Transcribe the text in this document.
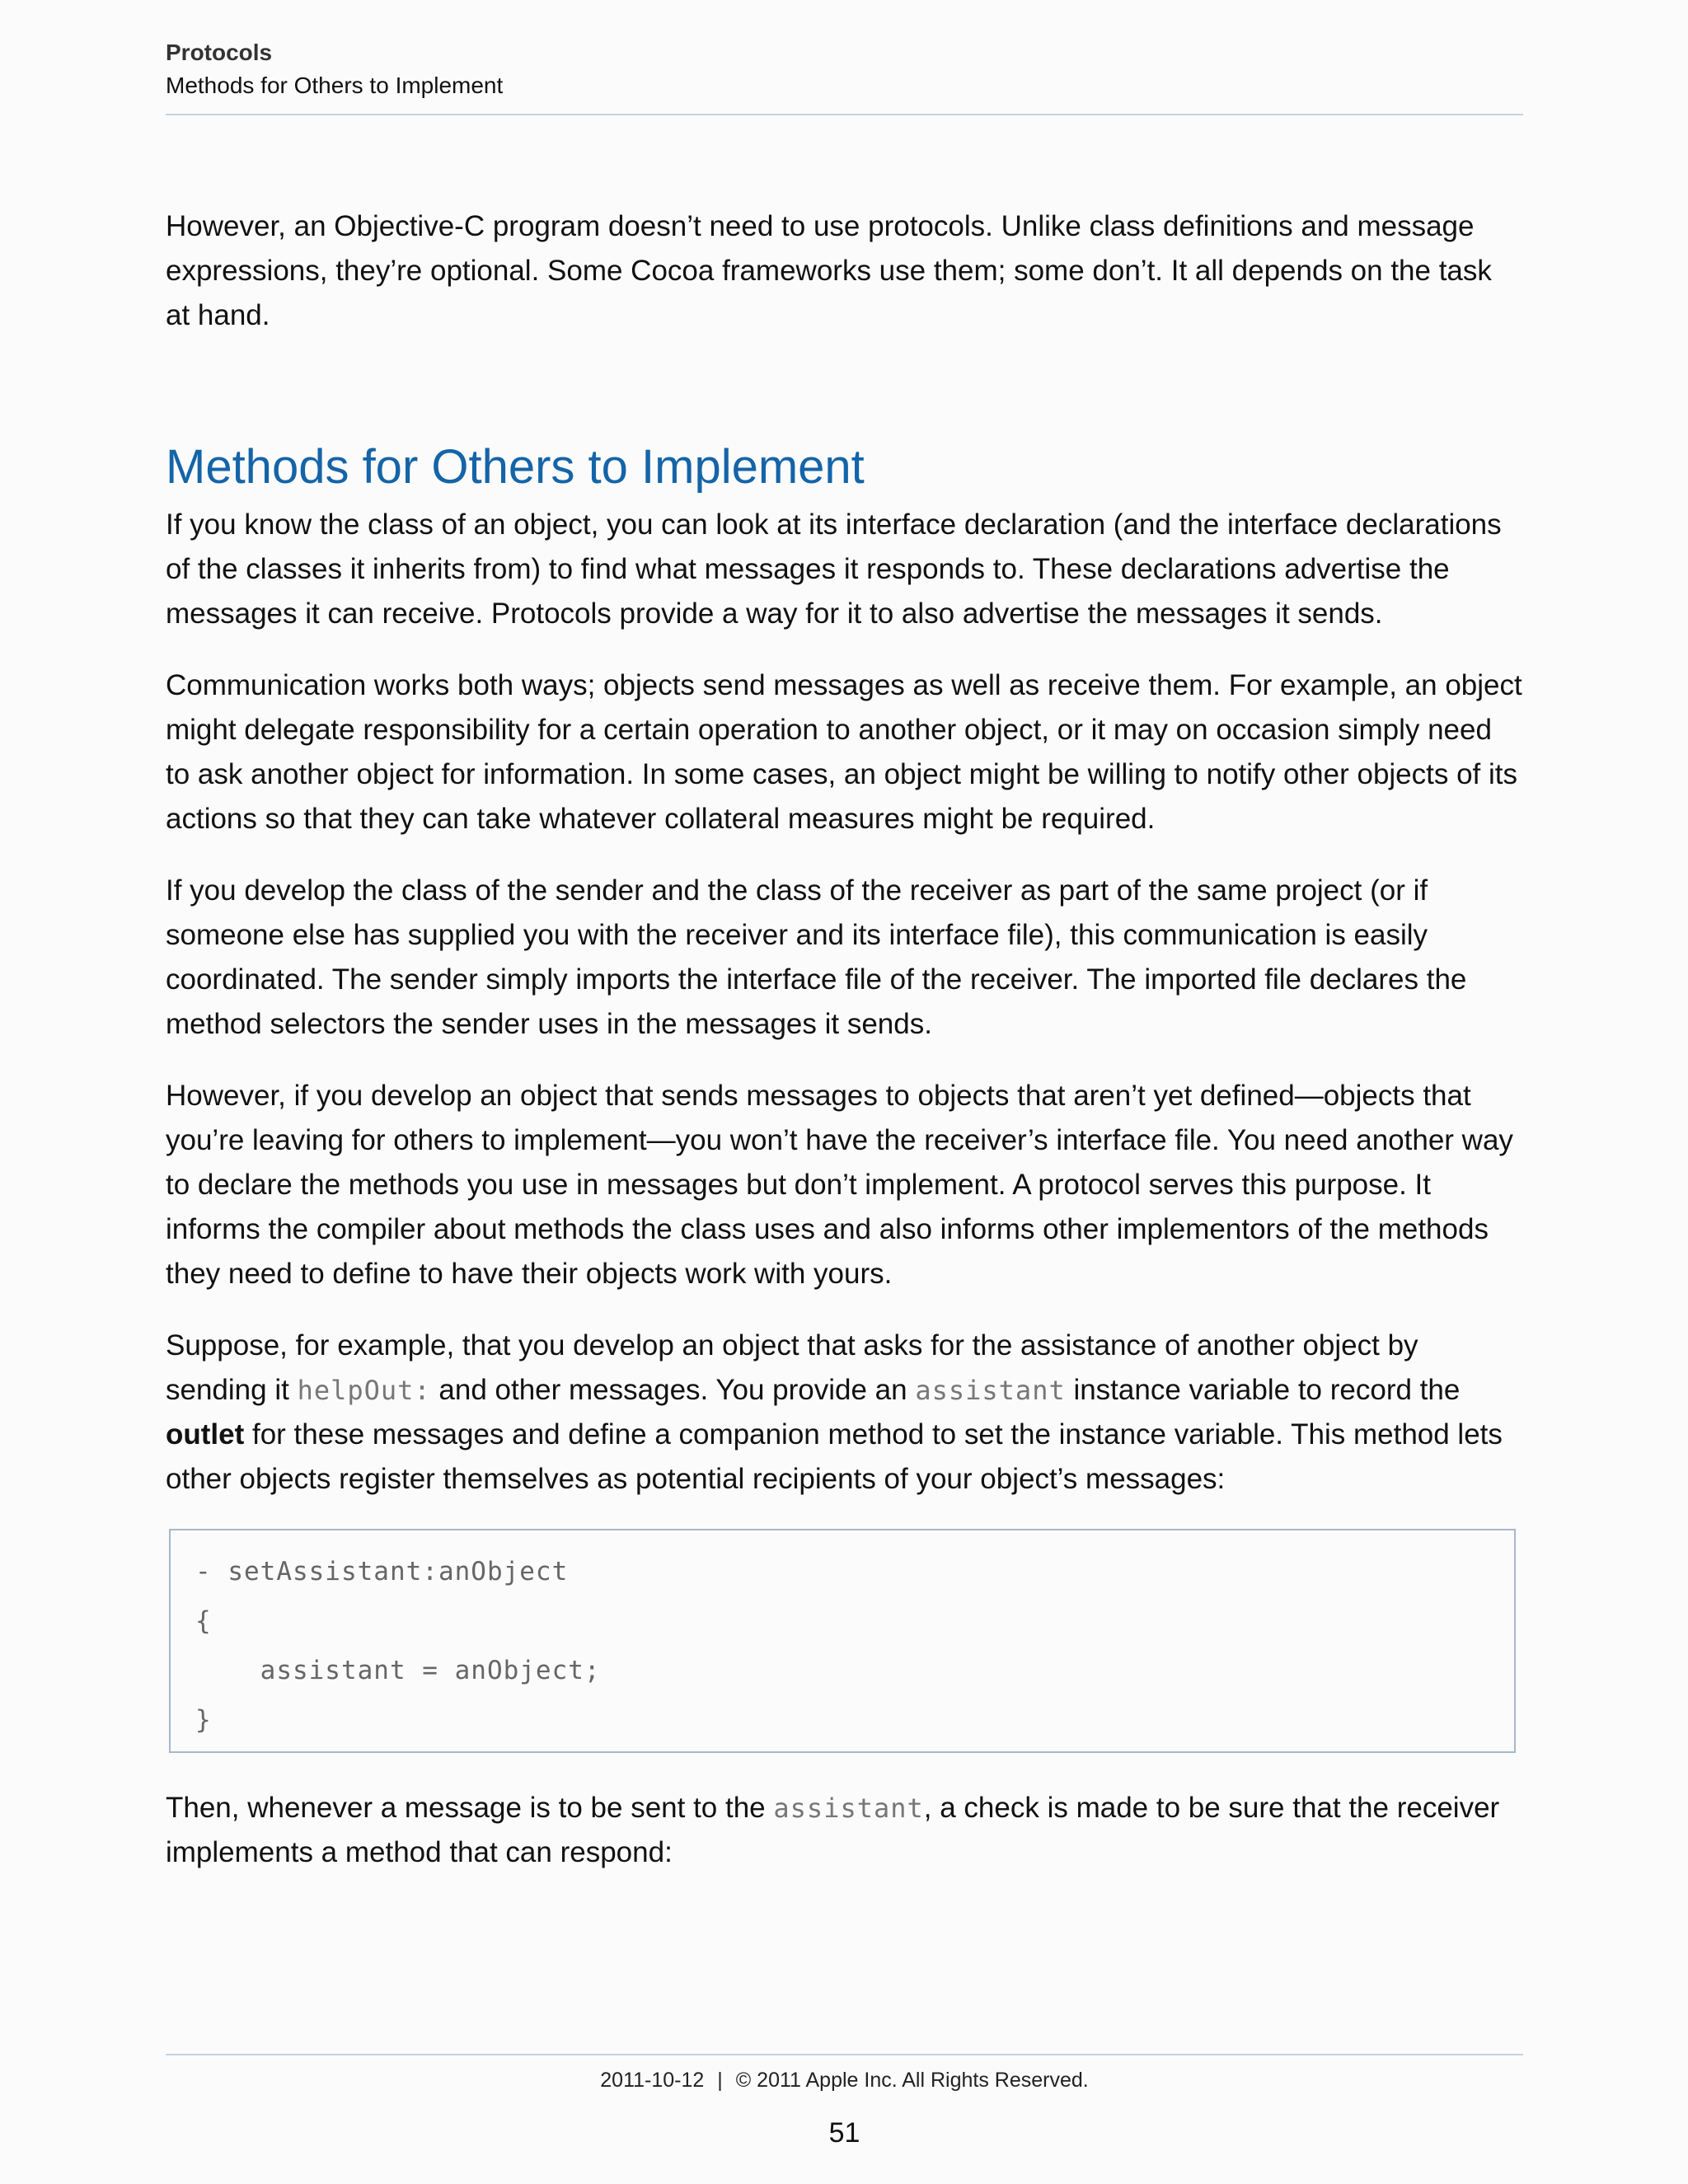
Protocols
Methods for Others to Implement

However, an Objective-C program doesn’t need to use protocols. Unlike class definitions and message expressions, they’re optional. Some Cocoa frameworks use them; some don’t. It all depends on the task at hand.

Methods for Others to Implement

If you know the class of an object, you can look at its interface declaration (and the interface declarations of the classes it inherits from) to find what messages it responds to. These declarations advertise the messages it can receive. Protocols provide a way for it to also advertise the messages it sends.

Communication works both ways; objects send messages as well as receive them. For example, an object might delegate responsibility for a certain operation to another object, or it may on occasion simply need to ask another object for information. In some cases, an object might be willing to notify other objects of its actions so that they can take whatever collateral measures might be required.

If you develop the class of the sender and the class of the receiver as part of the same project (or if someone else has supplied you with the receiver and its interface file), this communication is easily coordinated. The sender simply imports the interface file of the receiver. The imported file declares the method selectors the sender uses in the messages it sends.

However, if you develop an object that sends messages to objects that aren’t yet defined—objects that you’re leaving for others to implement—you won’t have the receiver’s interface file. You need another way to declare the methods you use in messages but don’t implement. A protocol serves this purpose. It informs the compiler about methods the class uses and also informs other implementors of the methods they need to define to have their objects work with yours.

Suppose, for example, that you develop an object that asks for the assistance of another object by sending it helpOut: and other messages. You provide an assistant instance variable to record the outlet for these messages and define a companion method to set the instance variable. This method lets other objects register themselves as potential recipients of your object’s messages:

- setAssistant:anObject
{
assistant = anObject;
}

Then, whenever a message is to be sent to the assistant, a check is made to be sure that the receiver implements a method that can respond:

2011-10-12 | © 2011 Apple Inc. All Rights Reserved.
51
